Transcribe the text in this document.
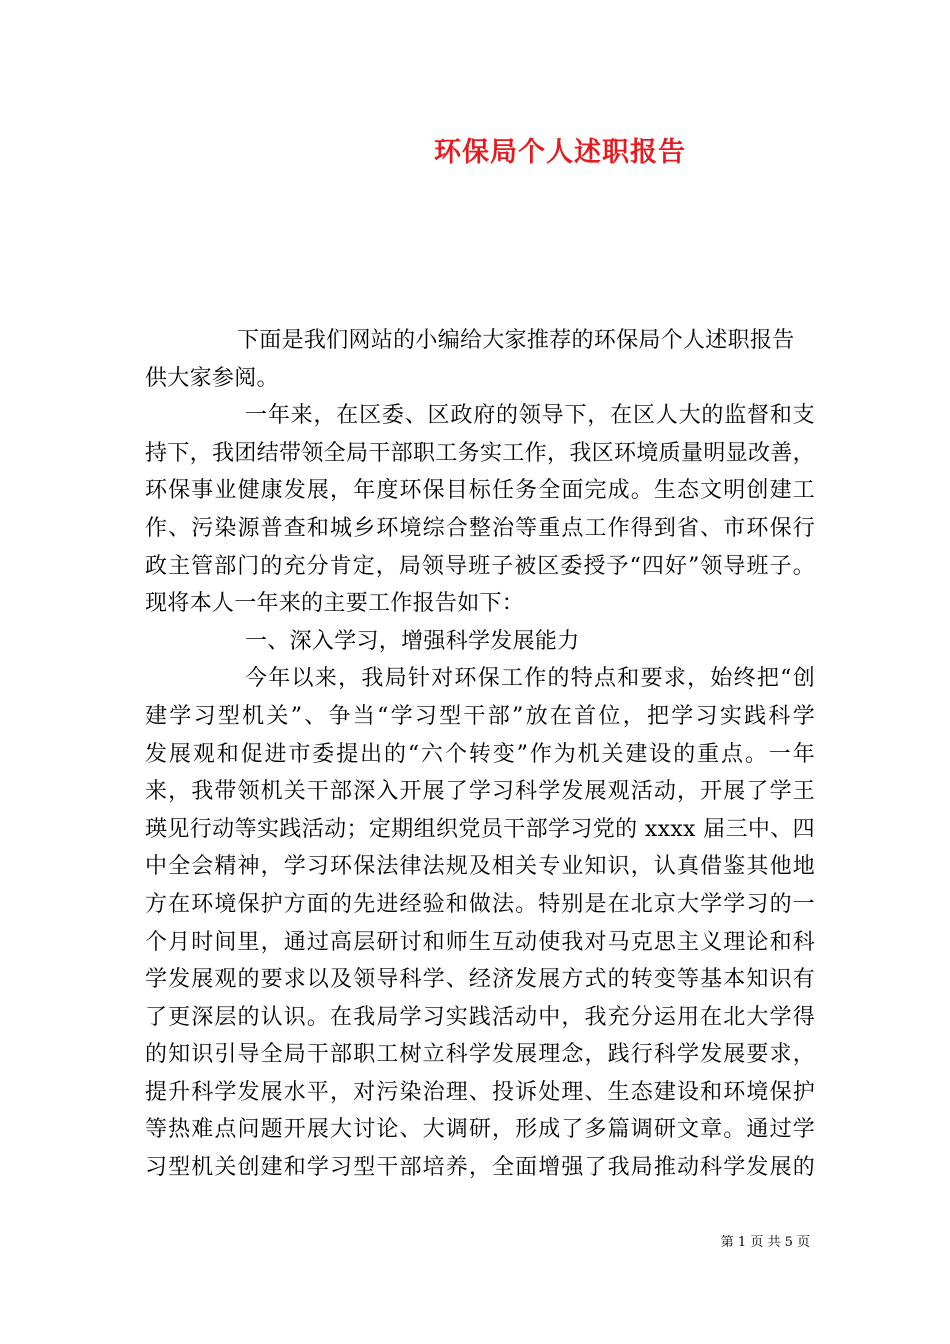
环保局个人述职报告
下面是我们网站的小编给大家推荐的环保局个人述职报告
供大家参阅。
一年来，在区委、区政府的领导下，在区人大的监督和支
持下，我团结带领全局干部职工务实工作，我区环境质量明显改善，
环保事业健康发展，年度环保目标任务全面完成。生态文明创建工
作、污染源普查和城乡环境综合整治等重点工作得到省、市环保行
政主管部门的充分肯定，局领导班子被区委授予“四好”领导班子。
现将本人一年来的主要工作报告如下：
一、深入学习，增强科学发展能力
今年以来，我局针对环保工作的特点和要求，始终把“创
建学习型机关”、争当“学习型干部”放在首位，把学习实践科学
发展观和促进市委提出的“六个转变”作为机关建设的重点。一年
来，我带领机关干部深入开展了学习科学发展观活动，开展了学王
瑛见行动等实践活动；定期组织党员干部学习党的 xxxx 届三中、四
中全会精神，学习环保法律法规及相关专业知识，认真借鉴其他地
方在环境保护方面的先进经验和做法。特别是在北京大学学习的一
个月时间里，通过高层研讨和师生互动使我对马克思主义理论和科
学发展观的要求以及领导科学、经济发展方式的转变等基本知识有
了更深层的认识。在我局学习实践活动中，我充分运用在北大学得
的知识引导全局干部职工树立科学发展理念，践行科学发展要求，
提升科学发展水平，对污染治理、投诉处理、生态建设和环境保护
等热难点问题开展大讨论、大调研，形成了多篇调研文章。通过学
习型机关创建和学习型干部培养，全面增强了我局推动科学发展的
第 1 页 共 5 页
